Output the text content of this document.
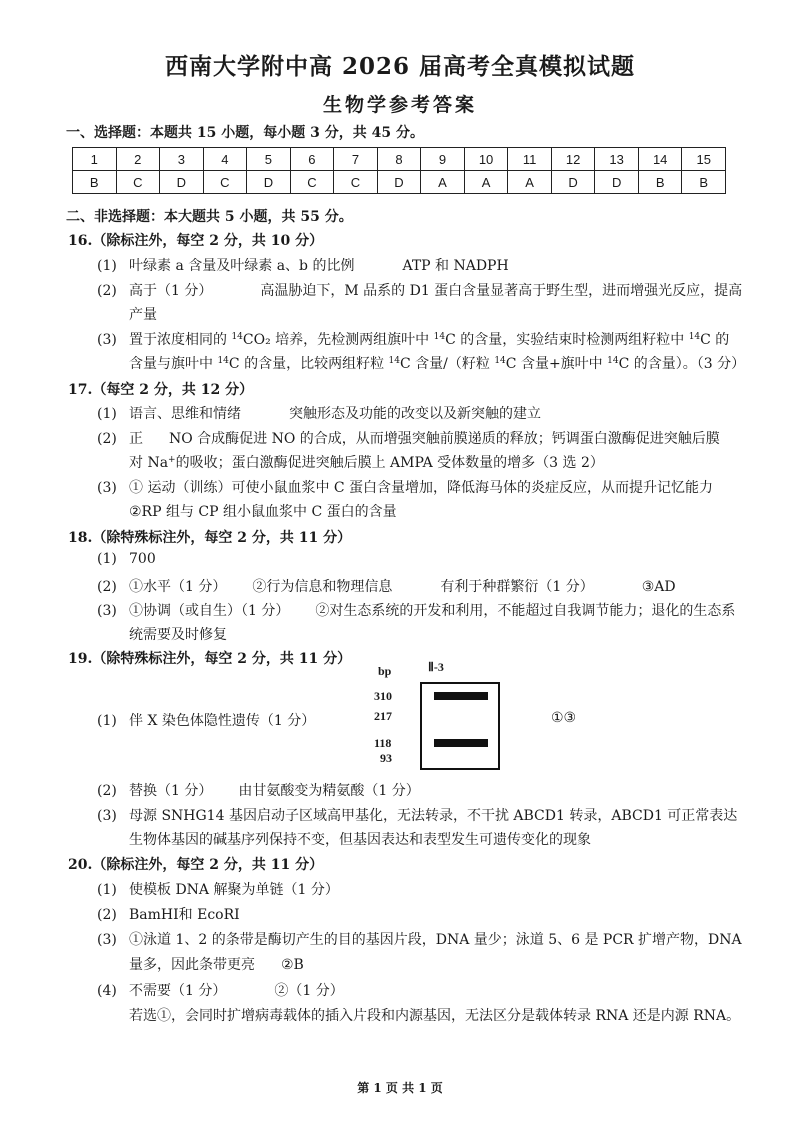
西南大学附中高 2026 届高考全真模拟试题
生物学参考答案
一、选择题：本题共 15 小题，每小题 3 分，共 45 分。
1	2	3	4	5	6	7	8	9	10	11	12	13	14	15
B	C	D	C	D	C	C	D	A	A	A	D	D	B	B
二、非选择题：本大题共 5 小题，共 55 分。
16.（除标注外，每空 2 分，共 10 分）
(1) 叶绿素 a 含量及叶绿素 a、b 的比例	ATP 和 NADPH
(2) 高于（1 分）	高温胁迫下，M 品系的 D1 蛋白含量显著高于野生型，进而增强光反应，提高
产量
(3) 置于浓度相同的 $^{14}$CO₂ 培养，先检测两组旗叶中 $^{14}$C 的含量，实验结束时检测两组籽粒中 $^{14}$C 的
含量与旗叶中 $^{14}$C 的含量，比较两组籽粒 $^{14}$C 含量/（籽粒 $^{14}$C 含量+旗叶中 $^{14}$C 的含量）。（3 分）
17.（每空 2 分，共 12 分）
(1) 语言、思维和情绪	突触形态及功能的改变以及新突触的建立
(2) 正 NO 合成酶促进 NO 的合成，从而增强突触前膜递质的释放；钙调蛋白激酶促进突触后膜
对 Na+的吸收；蛋白激酶促进突触后膜上 AMPA 受体数量的增多（3 选 2）
(3) ① 运动（训练）可使小鼠血浆中 C 蛋白含量增加，降低海马体的炎症反应，从而提升记忆能力
②RP 组与 CP 组小鼠血浆中 C 蛋白的含量
18.（除特殊标注外，每空 2 分，共 11 分）
(1) 700
(2) ①水平（1 分） ②行为信息和物理信息	有利于种群繁衍（1 分）	③AD
(3) ①协调（或自生）（1 分） ②对生态系统的开发和利用，不能超过自我调节能力；退化的生态系
统需要及时修复
19.（除特殊标注外，每空 2 分，共 11 分）
(1) 伴 X 染色体隐性遗传（1 分）	①③
bp	Ⅱ-3
310
217
118
93
(2) 替换（1 分） 由甘氨酸变为精氨酸（1 分）
(3) 母源 SNHG14 基因启动子区域高甲基化，无法转录，不干扰 ABCD1 转录，ABCD1 可正常表达
生物体基因的碱基序列保持不变，但基因表达和表型发生可遗传变化的现象
20.（除标注外，每空 2 分，共 11 分）
(1) 使模板 DNA 解聚为单链（1 分）
(2) BamHI和 EcoRI
(3) ①泳道 1、2 的条带是酶切产生的目的基因片段，DNA 量少；泳道 5、6 是 PCR 扩增产物，DNA
量多，因此条带更亮 ②B
(4) 不需要（1 分）	②（1 分）
若选①，会同时扩增病毒载体的插入片段和内源基因，无法区分是载体转录 RNA 还是内源 RNA。
第 1 页 共 1 页
